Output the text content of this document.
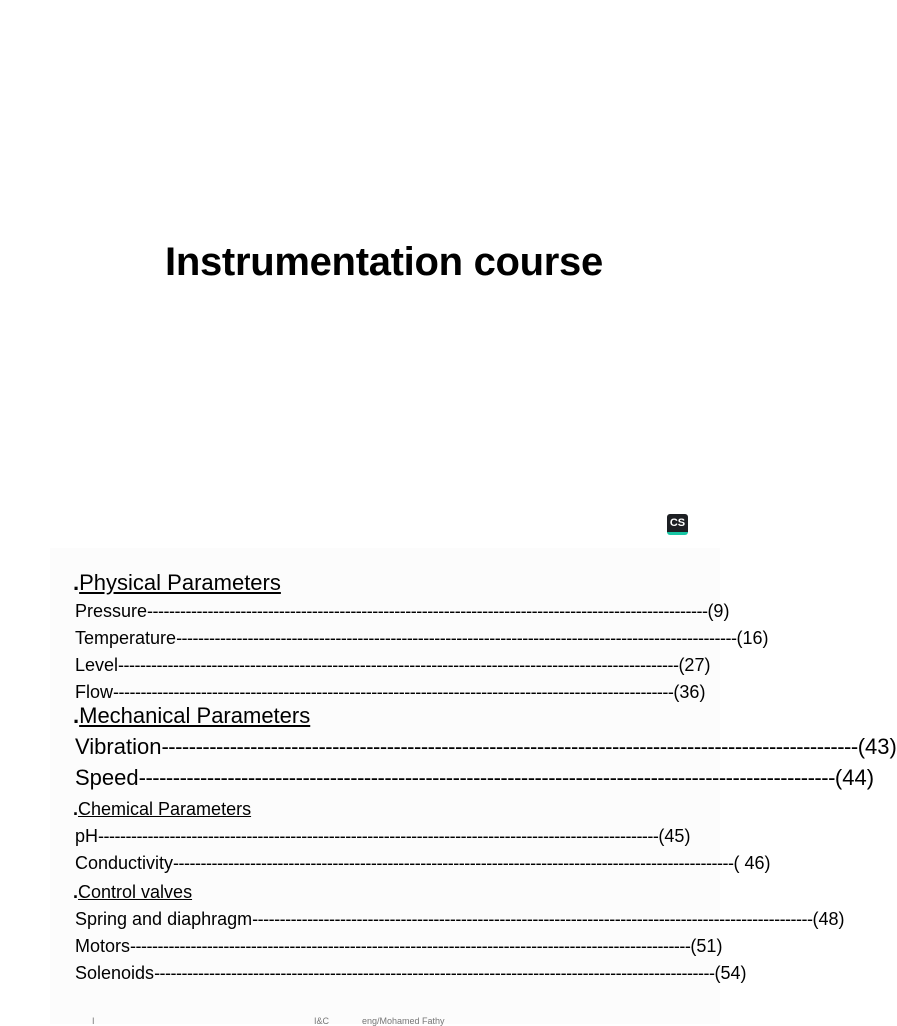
Instrumentation course
CS
.Physical Parameters
Pressure ------------------------------------------------------------------------------------------------------ (9)
Temperature ------------------------------------------------------------------------------------------------------ (16)
Level ------------------------------------------------------------------------------------------------------ (27)
Flow ------------------------------------------------------------------------------------------------------ (36)
.Mechanical Parameters
Vibration ------------------------------------------------------------------------------------------------------ (43)
Speed ------------------------------------------------------------------------------------------------------ (44)
.Chemical Parameters
pH ------------------------------------------------------------------------------------------------------ (45)
Conductivity ------------------------------------------------------------------------------------------------------ ( 46)
.Control valves
Spring and diaphragm ------------------------------------------------------------------------------------------------------ (48)
Motors ------------------------------------------------------------------------------------------------------ (51)
Solenoids ------------------------------------------------------------------------------------------------------ (54)
I	I&C	eng/Mohamed Fathy
